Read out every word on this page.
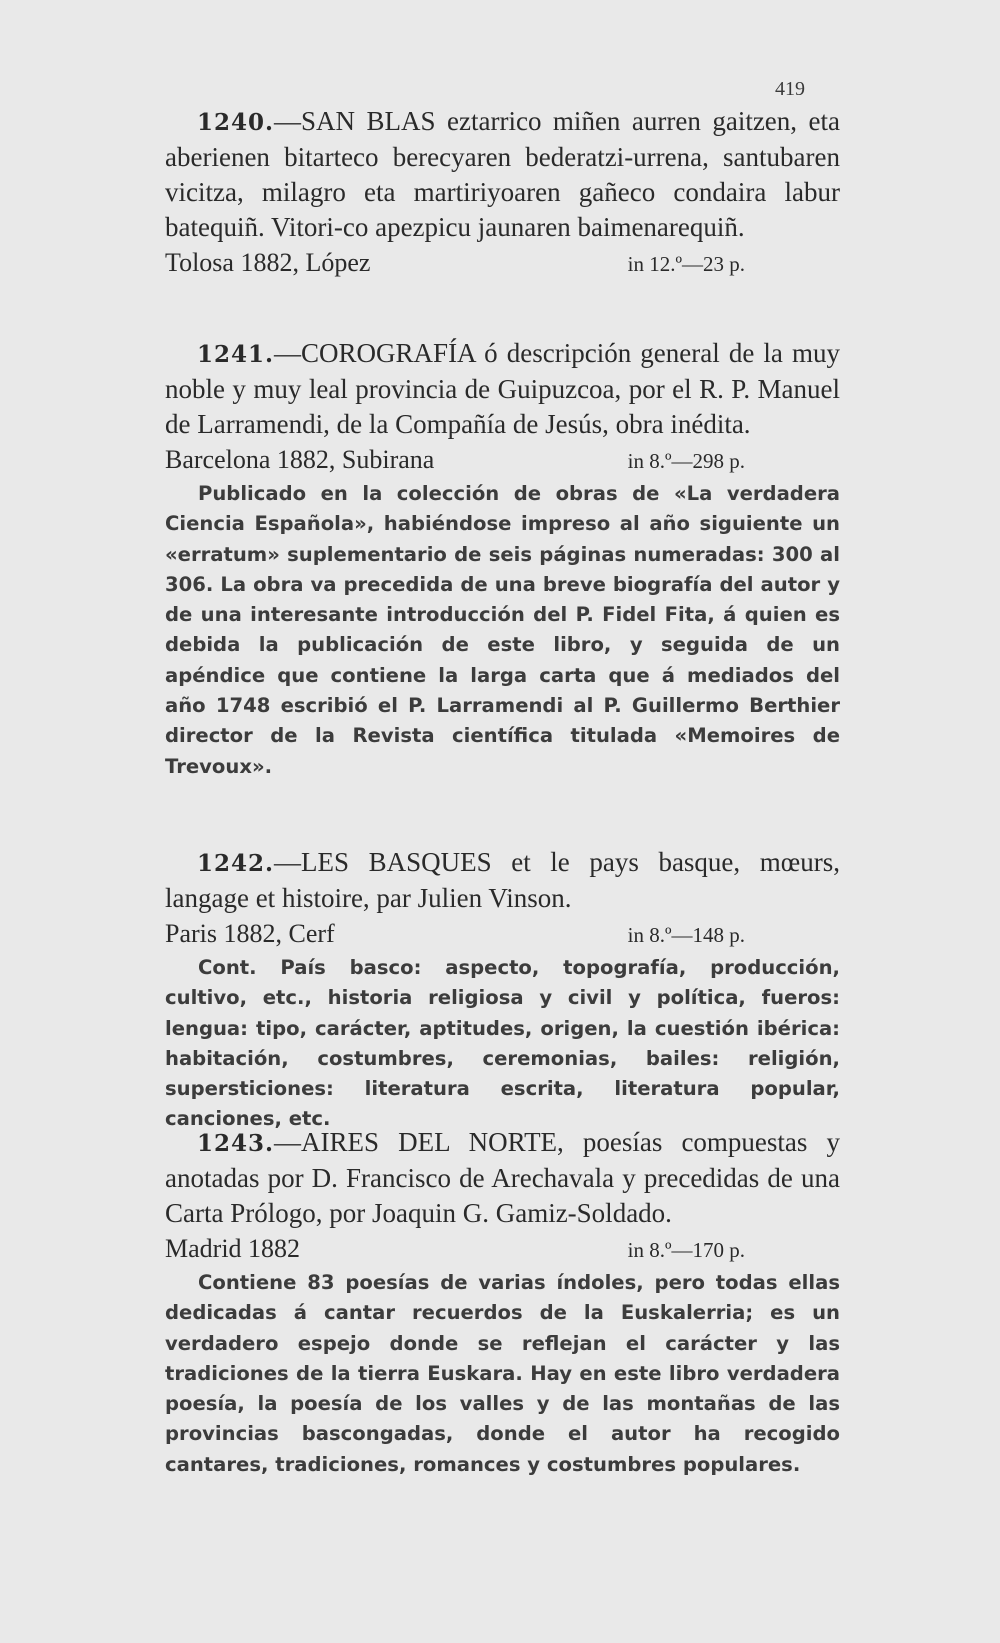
419

1240.—SAN BLAS eztarrico miñen aurren gaitzen, eta aberienen bitarteco berecyaren bederatzi-urrena, santubaren vicitza, milagro eta martiriyoaren gañeco condaira labur batequiñ. Vitori-co apezpicu jaunaren baimenarequiñ.

Tolosa 1882, López	in 12.º—23 p.

1241.—COROGRAFÍA ó descripción general de la muy noble y muy leal provincia de Guipuzcoa, por el R. P. Manuel de Larramendi, de la Compañía de Jesús, obra inédita.

Barcelona 1882, Subirana	in 8.º—298 p.

Publicado en la colección de obras de «La verdadera Ciencia Española», habiéndose impreso al año siguiente un «erratum» suplementario de seis páginas numeradas: 300 al 306. La obra va precedida de una breve biografía del autor y de una interesante introducción del P. Fidel Fita, á quien es debida la publicación de este libro, y seguida de un apéndice que contiene la larga carta que á mediados del año 1748 escribió el P. Larramendi al P. Guillermo Berthier director de la Revista científica titulada «Memoires de Trevoux».

1242.—LES BASQUES et le pays basque, mœurs, langage et histoire, par Julien Vinson.

Paris 1882, Cerf	in 8.º—148 p.

Cont. País basco: aspecto, topografía, producción, cultivo, etc., historia religiosa y civil y política, fueros: lengua: tipo, carácter, aptitudes, origen, la cuestión ibérica: habitación, costumbres, ceremonias, bailes: religión, supersticiones: literatura escrita, literatura popular, canciones, etc.

1243.—AIRES DEL NORTE, poesías compuestas y anotadas por D. Francisco de Arechavala y precedidas de una Carta Prólogo, por Joaquin G. Gamiz-Soldado.

Madrid 1882	in 8.º—170 p.

Contiene 83 poesías de varias índoles, pero todas ellas dedicadas á cantar recuerdos de la Euskalerria; es un verdadero espejo donde se reflejan el carácter y las tradiciones de la tierra Euskara. Hay en este libro verdadera poesía, la poesía de los valles y de las montañas de las provincias bascongadas, donde el autor ha recogido cantares, tradiciones, romances y costumbres populares.
